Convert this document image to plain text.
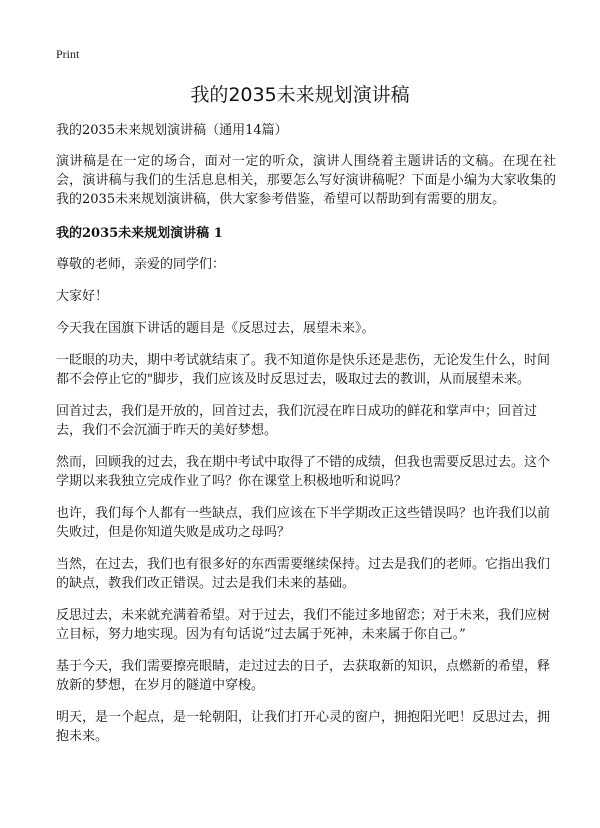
Print
我的2035未来规划演讲稿

我的2035未来规划演讲稿（通用14篇）

演讲稿是在一定的场合，面对一定的听众，演讲人围绕着主题讲话的文稿。在现在社会，演讲稿与我们的生活息息相关，那要怎么写好演讲稿呢？下面是小编为大家收集的我的2035未来规划演讲稿，供大家参考借鉴，希望可以帮助到有需要的朋友。

我的2035未来规划演讲稿 1

尊敬的老师，亲爱的同学们：

大家好！

今天我在国旗下讲话的题目是《反思过去，展望未来》。

一眨眼的功夫，期中考试就结束了。我不知道你是快乐还是悲伤，无论发生什么，时间都不会停止它的"脚步，我们应该及时反思过去，吸取过去的教训，从而展望未来。

回首过去，我们是开放的，回首过去，我们沉浸在昨日成功的鲜花和掌声中；回首过去，我们不会沉湎于昨天的美好梦想。

然而，回顾我的过去，我在期中考试中取得了不错的成绩，但我也需要反思过去。这个学期以来我独立完成作业了吗？你在课堂上积极地听和说吗？

也许，我们每个人都有一些缺点，我们应该在下半学期改正这些错误吗？也许我们以前失败过，但是你知道失败是成功之母吗？

当然，在过去，我们也有很多好的东西需要继续保持。过去是我们的老师。它指出我们的缺点，教我们改正错误。过去是我们未来的基础。

反思过去，未来就充满着希望。对于过去，我们不能过多地留恋；对于未来，我们应树立目标，努力地实现。因为有句话说“过去属于死神，未来属于你自己。”

基于今天，我们需要擦亮眼睛，走过过去的日子，去获取新的知识，点燃新的希望，释放新的梦想，在岁月的隧道中穿梭。

明天，是一个起点，是一轮朝阳，让我们打开心灵的窗户，拥抱阳光吧！反思过去，拥抱未来。
